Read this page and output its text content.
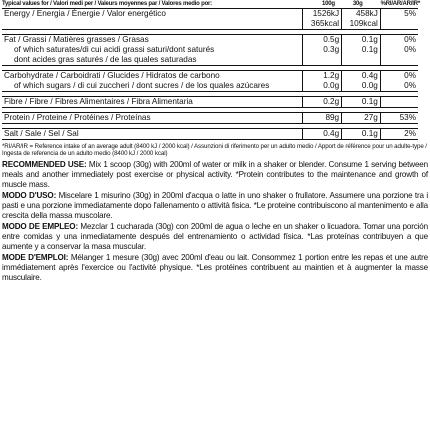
Typical values for / Valori medi per / Valeurs moyennes par / Valores medio por:	100g	30g	%RI/AR/AR/IR*
Energy / Energia / Énergie / Valor energético	1526kJ	458kJ	5%
	365kcal	109kcal	

Fat / Grassi / Matières grasses / Grasas	0.5g	0.1g	0%
of which saturates/di cui acidi grassi saturi/dont saturés	0.3g	0.1g	0%
dont acides gras saturés / de las quales saturadas			

Carbohydrate / Carboidrati / Glucides / Hidratos de carbono	1.2g	0.4g	0%
of which sugars / di cui zuccheri / dont sucres / de los quales azúcares	0.0g	0.0g	0%

Fibre / Fibre / Fibres Alimentaires / Fibra Alimentaria	0.2g	0.1g	

Protein / Proteine / Protéines / Proteínas	89g	27g	53%

Salt / Sale / Sel / Sal	0.4g	0.1g	2%
*RI/AR/IR = Reference intake of an average adult (8400 kJ / 2000 kcal) / Assunzioni di riferimento per un adulto medio / Apport de référence pour un adulte-type / Ingesta de referencia de un adulto medio (8400 kJ / 2000 kcal)

RECOMMENDED USE: Mix 1 scoop (30g) with 200ml of water or milk in a shaker or blender. Consume 1 serving between meals and another immediately post exercise or physical activity. *Protein contributes to the maintenance and growth of muscle mass.

MODO D'USO: Miscelare 1 misurino (30g) in 200ml d'acqua o latte in uno shaker o frullatore. Assumere una porzione tra i pasti e una porzione immediatamente dopo l'allenamento o attività fisica. *Le proteine contribuiscono al mantenimento e alla crescita della massa muscolare.

MODO DE EMPLEO: Mezclar 1 cucharada (30g) con 200ml de agua o leche en un shaker o licuadora. Tomar una porción entre comidas y una inmediatamente después del entrenamiento o actividad física. *Las proteínas contribuyen a que aumente y a conservar la masa muscular.

MODE D'EMPLOI: Mélanger 1 mesure (30g) avec 200ml d'eau ou lait. Consommez 1 portion entre les repas et une autre immédiatement après l'exercice ou l'activité physique. *Les protéines contribuent au maintien et à augmenter la masse musculaire.
